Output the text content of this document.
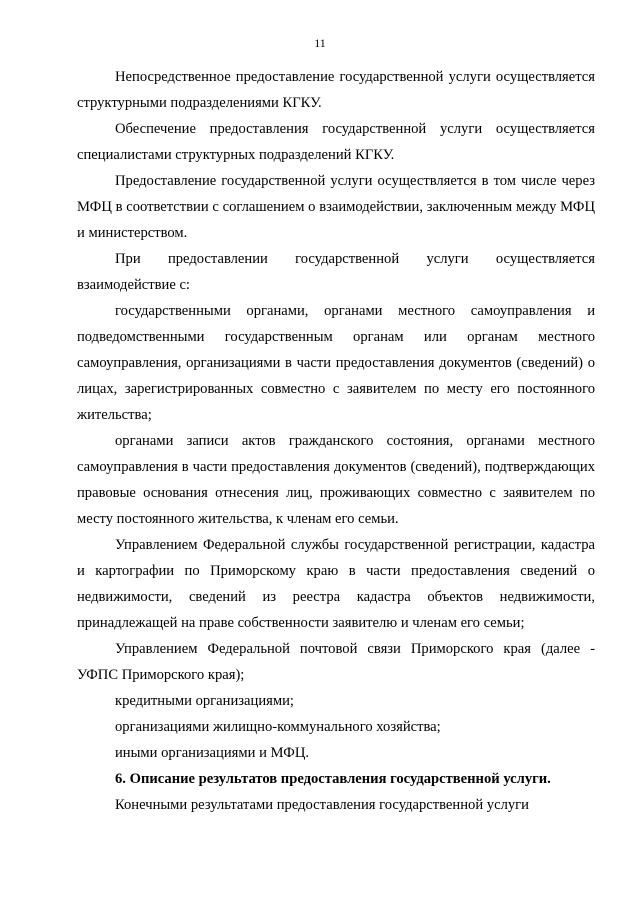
11

Непосредственное предоставление государственной услуги осуществляется структурными подразделениями КГКУ.

Обеспечение предоставления государственной услуги осуществляется специалистами структурных подразделений КГКУ.

Предоставление государственной услуги осуществляется в том числе через МФЦ в соответствии с соглашением о взаимодействии, заключенным между МФЦ и министерством.

При предоставлении государственной услуги осуществляется взаимодействие с:

государственными органами, органами местного самоуправления и подведомственными государственным органам или органам местного самоуправления, организациями в части предоставления документов (сведений) о лицах, зарегистрированных совместно с заявителем по месту его постоянного жительства;

органами записи актов гражданского состояния, органами местного самоуправления в части предоставления документов (сведений), подтверждающих правовые основания отнесения лиц, проживающих совместно с заявителем по месту постоянного жительства, к членам его семьи.

Управлением Федеральной службы государственной регистрации, кадастра и картографии по Приморскому краю в части предоставления сведений о недвижимости, сведений из реестра кадастра объектов недвижимости, принадлежащей на праве собственности заявителю и членам его семьи;

Управлением Федеральной почтовой связи Приморского края (далее - УФПС Приморского края);

кредитными организациями;

организациями жилищно-коммунального хозяйства;

иными организациями и МФЦ.

6. Описание результатов предоставления государственной услуги.

Конечными результатами предоставления государственной услуги
